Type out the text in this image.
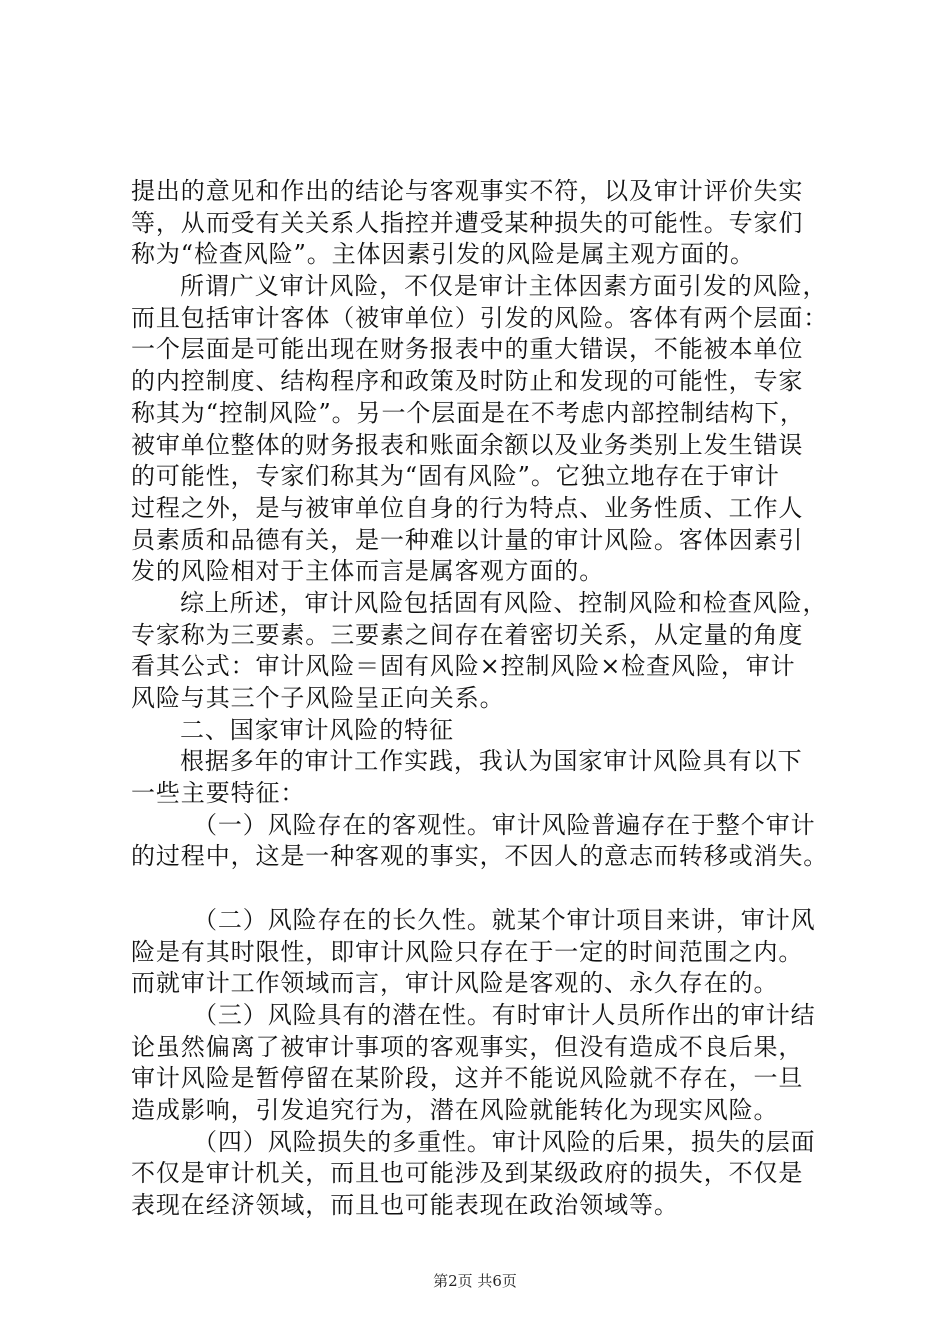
提出的意见和作出的结论与客观事实不符，以及审计评价失实
等，从而受有关关系人指控并遭受某种损失的可能性。专家们
称为“检查风险”。主体因素引发的风险是属主观方面的。
所谓广义审计风险，不仅是审计主体因素方面引发的风险，
而且包括审计客体（被审单位）引发的风险。客体有两个层面：
一个层面是可能出现在财务报表中的重大错误，不能被本单位
的内控制度、结构程序和政策及时防止和发现的可能性，专家
称其为“控制风险”。另一个层面是在不考虑内部控制结构下，
被审单位整体的财务报表和账面余额以及业务类别上发生错误
的可能性，专家们称其为“固有风险”。它独立地存在于审计
过程之外，是与被审单位自身的行为特点、业务性质、工作人
员素质和品德有关，是一种难以计量的审计风险。客体因素引
发的风险相对于主体而言是属客观方面的。
综上所述，审计风险包括固有风险、控制风险和检查风险，
专家称为三要素。三要素之间存在着密切关系，从定量的角度
看其公式：审计风险＝固有风险×控制风险×检查风险，审计
风险与其三个子风险呈正向关系。
二、国家审计风险的特征
根据多年的审计工作实践，我认为国家审计风险具有以下
一些主要特征：
（一）风险存在的客观性。审计风险普遍存在于整个审计
的过程中，这是一种客观的事实，不因人的意志而转移或消失。
（二）风险存在的长久性。就某个审计项目来讲，审计风
险是有其时限性，即审计风险只存在于一定的时间范围之内。
而就审计工作领域而言，审计风险是客观的、永久存在的。
（三）风险具有的潜在性。有时审计人员所作出的审计结
论虽然偏离了被审计事项的客观事实，但没有造成不良后果，
审计风险是暂停留在某阶段，这并不能说风险就不存在，一旦
造成影响，引发追究行为，潜在风险就能转化为现实风险。
（四）风险损失的多重性。审计风险的后果，损失的层面
不仅是审计机关，而且也可能涉及到某级政府的损失，不仅是
表现在经济领域，而且也可能表现在政治领域等。
第2页 共6页
